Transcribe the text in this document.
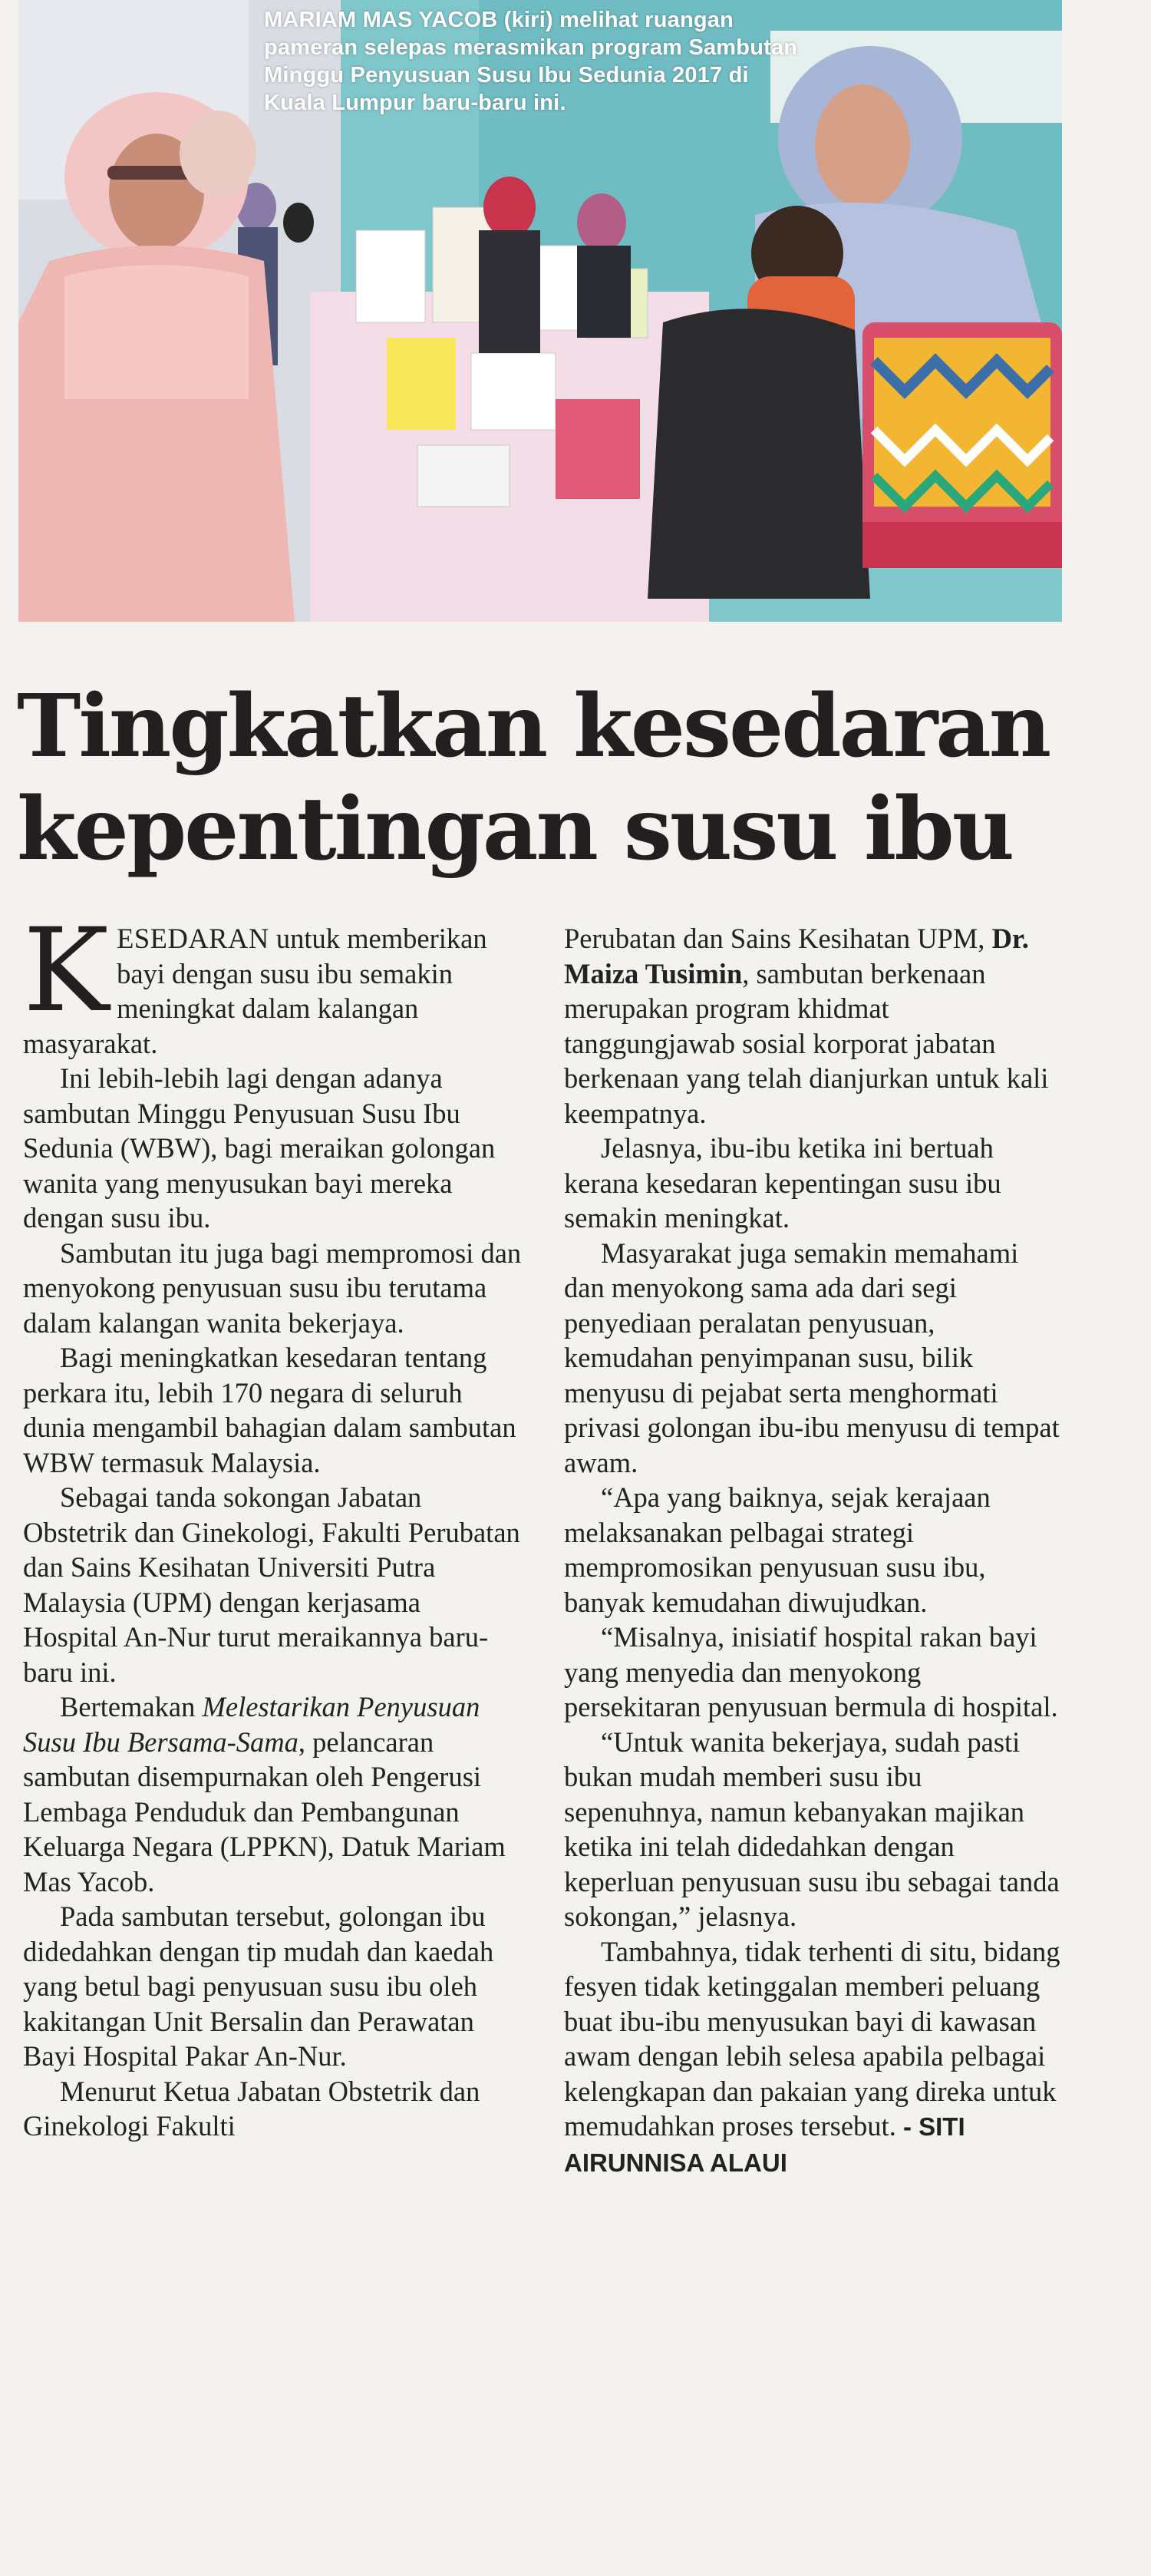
MARIAM MAS YACOB (kiri) melihat ruangan pameran selepas merasmikan program Sambutan Minggu Penyusuan Susu Ibu Sedunia 2017 di Kuala Lumpur baru-baru ini.
Tingkatkan kesedaran
kepentingan susu ibu

KESEDARAN untuk memberikan bayi dengan susu ibu semakin meningkat dalam kalangan masyarakat.

Ini lebih-lebih lagi dengan adanya sambutan Minggu Penyusuan Susu Ibu Sedunia (WBW), bagi meraikan golongan wanita yang menyusukan bayi mereka dengan susu ibu.

Sambutan itu juga bagi mempromosi dan menyokong penyusuan susu ibu terutama dalam kalangan wanita bekerjaya.

Bagi meningkatkan kesedaran tentang perkara itu, lebih 170 negara di seluruh dunia mengambil bahagian dalam sambutan WBW termasuk Malaysia.

Sebagai tanda sokongan Jabatan Obstetrik dan Ginekologi, Fakulti Perubatan dan Sains Kesihatan Universiti Putra Malaysia (UPM) dengan kerjasama Hospital An-Nur turut meraikannya baru-baru ini.

Bertemakan Melestarikan Penyusuan Susu Ibu Bersama-Sama, pelancaran sambutan disempurnakan oleh Pengerusi Lembaga Penduduk dan Pembangunan Keluarga Negara (LPPKN), Datuk Mariam Mas Yacob.

Pada sambutan tersebut, golongan ibu didedahkan dengan tip mudah dan kaedah yang betul bagi penyusuan susu ibu oleh kakitangan Unit Bersalin dan Perawatan Bayi Hospital Pakar An-Nur.

Menurut Ketua Jabatan Obstetrik dan Ginekologi Fakulti

Perubatan dan Sains Kesihatan UPM, Dr. Maiza Tusimin, sambutan berkenaan merupakan program khidmat tanggungjawab sosial korporat jabatan berkenaan yang telah dianjurkan untuk kali keempatnya.

Jelasnya, ibu-ibu ketika ini bertuah kerana kesedaran kepentingan susu ibu semakin meningkat.

Masyarakat juga semakin memahami dan menyokong sama ada dari segi penyediaan peralatan penyusuan, kemudahan penyimpanan susu, bilik menyusu di pejabat serta menghormati privasi golongan ibu-ibu menyusu di tempat awam.

“Apa yang baiknya, sejak kerajaan melaksanakan pelbagai strategi mempromosikan penyusuan susu ibu, banyak kemudahan diwujudkan.

“Misalnya, inisiatif hospital rakan bayi yang menyedia dan menyokong persekitaran penyusuan bermula di hospital.

“Untuk wanita bekerjaya, sudah pasti bukan mudah memberi susu ibu sepenuhnya, namun kebanyakan majikan ketika ini telah didedahkan dengan keperluan penyusuan susu ibu sebagai tanda sokongan,” jelasnya.

Tambahnya, tidak terhenti di situ, bidang fesyen tidak ketinggalan memberi peluang buat ibu-ibu menyusukan bayi di kawasan awam dengan lebih selesa apabila pelbagai kelengkapan dan pakaian yang direka untuk memudahkan proses tersebut. - SITI AIRUNNISA ALAUI
